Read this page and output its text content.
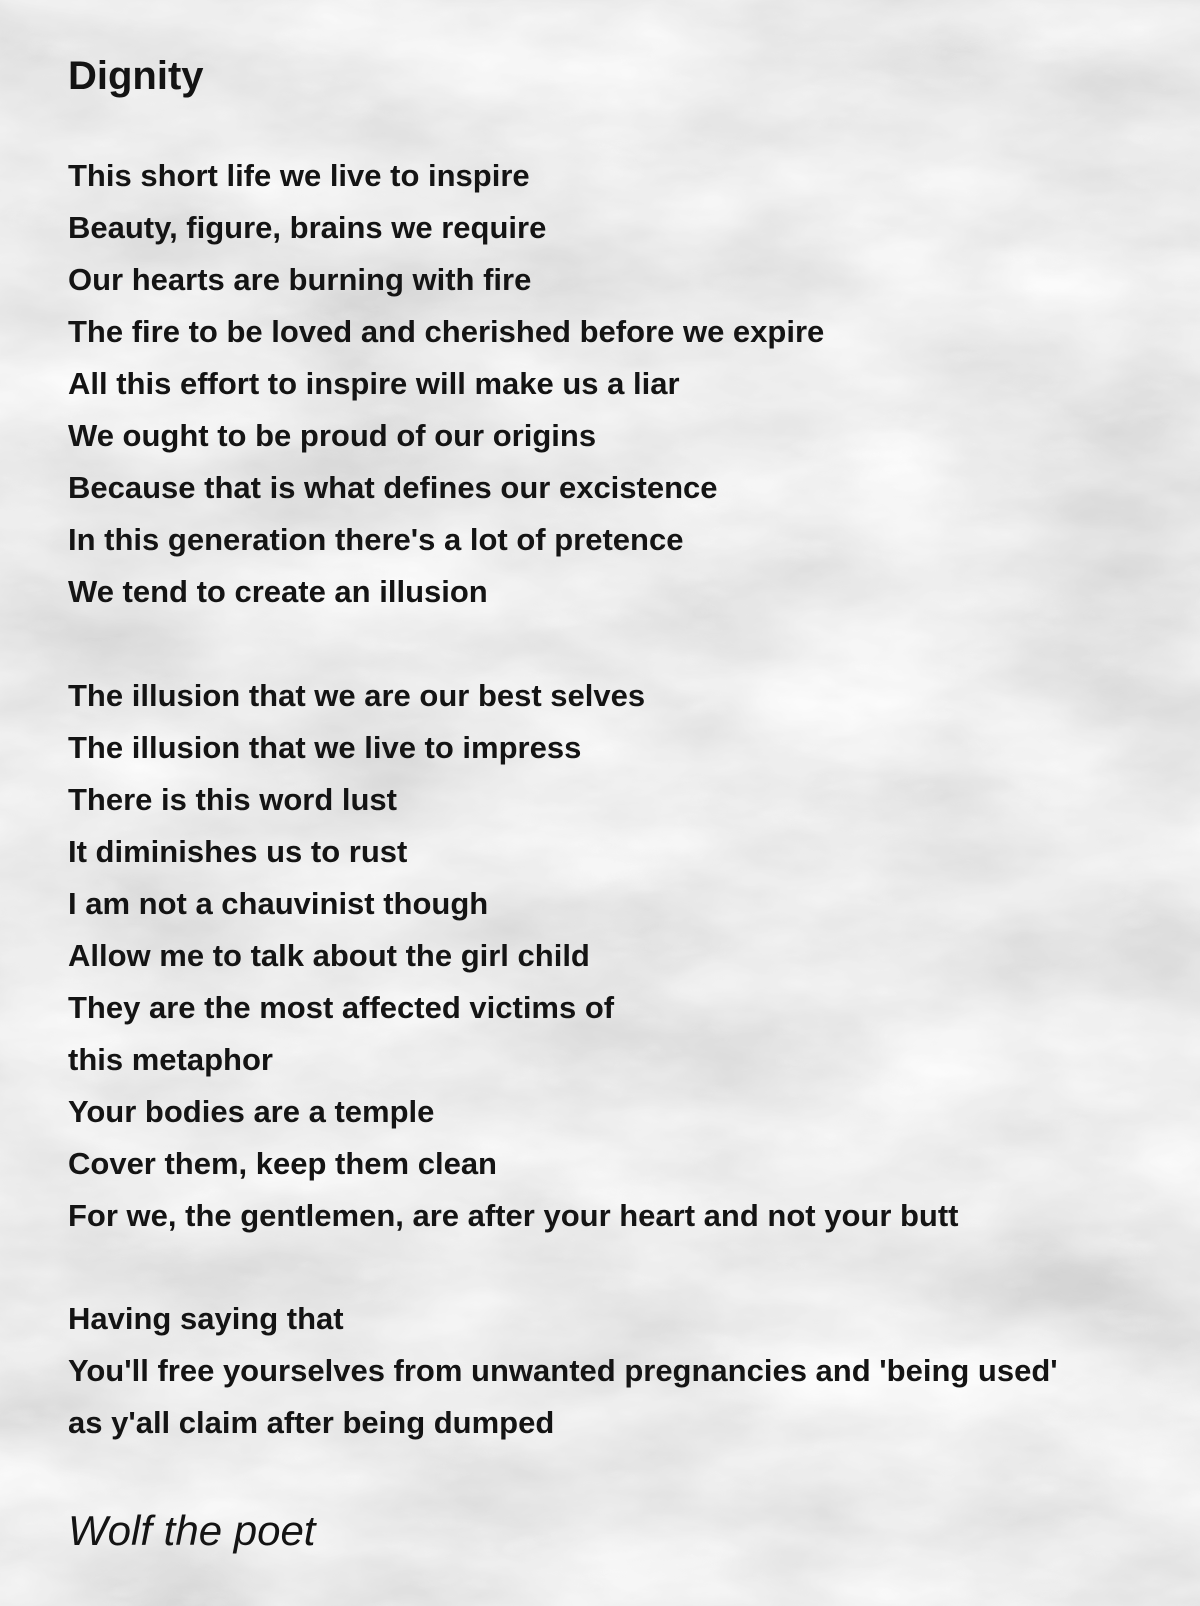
Dignity
This short life we live to inspire
Beauty, figure, brains we require
Our hearts are burning with fire
The fire to be loved and cherished before we expire
All this effort to inspire will make us a liar
We ought to be proud of our origins
Because that is what defines our excistence
In this generation there's a lot of pretence
We tend to create an illusion
The illusion that we are our best selves
The illusion that we live to impress
There is this word lust
It diminishes us to rust
I am not a chauvinist though
Allow me to talk about the girl child
They are the most affected victims of
this metaphor
Your bodies are a temple
Cover them, keep them clean
For we, the gentlemen, are after your heart and not your butt
Having saying that
You'll free yourselves from unwanted pregnancies and 'being used'
as y'all claim after being dumped
Wolf the poet
